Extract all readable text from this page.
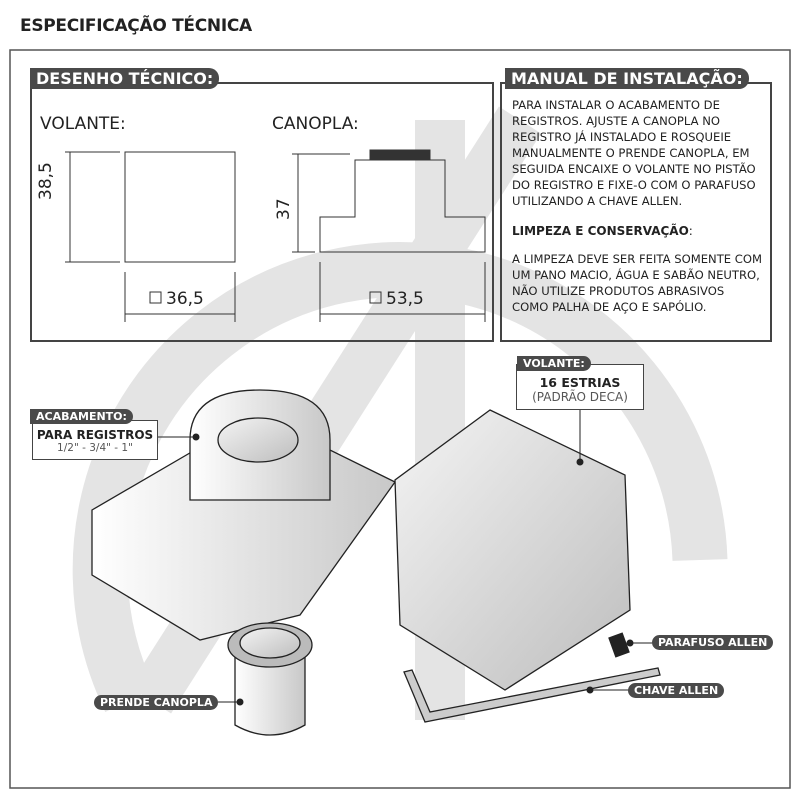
ESPECIFICAÇÃO TÉCNICA
DESENHO TÉCNICO:
VOLANTE:	CANOPLA:
38,5
36,5
37
53,5
MANUAL DE INSTALAÇÃO:

PARA INSTALAR O ACABAMENTO DE REGISTROS. AJUSTE A CANOPLA NO REGISTRO JÁ INSTALADO E ROSQUEIE MANUALMENTE O PRENDE CANOPLA, EM SEGUIDA ENCAIXE O VOLANTE NO PISTÃO DO REGISTRO E FIXE-O COM O PARAFUSO UTILIZANDO A CHAVE ALLEN.

LIMPEZA E CONSERVAÇÃO:

A LIMPEZA DEVE SER FEITA SOMENTE COM UM PANO MACIO, ÁGUA E SABÃO NEUTRO, NÃO UTILIZE PRODUTOS ABRASIVOS COMO PALHA DE AÇO E SAPÓLIO.

PARA REGISTROS
1/2" - 3/4" - 1"
ACABAMENTO:
16 ESTRIAS
(PADRÃO DECA)
VOLANTE:
PARAFUSO ALLEN
CHAVE ALLEN
PRENDE CANOPLA
